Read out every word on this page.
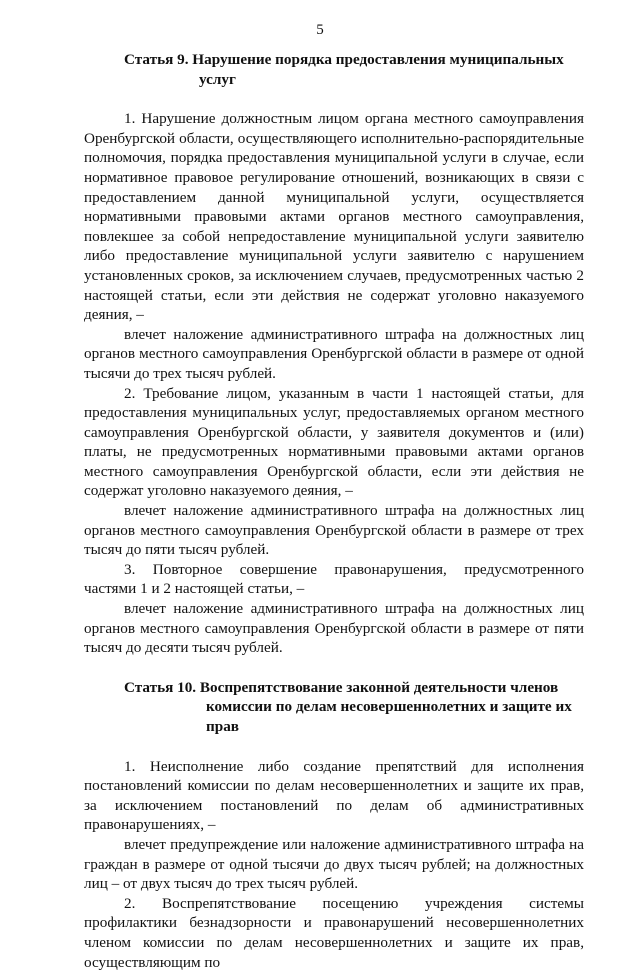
5
Статья 9. Нарушение порядка предоставления муниципальных
услуг

1. Нарушение должностным лицом органа местного самоуправления Оренбургской области, осуществляющего исполнительно-распорядительные полномочия, порядка предоставления муниципальной услуги в случае, если нормативное правовое регулирование отношений, возникающих в связи с предоставлением данной муниципальной услуги, осуществляется нормативными правовыми актами органов местного самоуправления, повлекшее за собой непредоставление муниципальной услуги заявителю либо предоставление муниципальной услуги заявителю с нарушением установленных сроков, за исключением случаев, предусмотренных частью 2 настоящей статьи, если эти действия не содержат уголовно наказуемого деяния, –

влечет наложение административного штрафа на должностных лиц органов местного самоуправления Оренбургской области в размере от одной тысячи до трех тысяч рублей.

2. Требование лицом, указанным в части 1 настоящей статьи, для предоставления муниципальных услуг, предоставляемых органом местного самоуправления Оренбургской области, у заявителя документов и (или) платы, не предусмотренных нормативными правовыми актами органов местного самоуправления Оренбургской области, если эти действия не содержат уголовно наказуемого деяния, –

влечет наложение административного штрафа на должностных лиц органов местного самоуправления Оренбургской области в размере от трех тысяч до пяти тысяч рублей.

3. Повторное совершение правонарушения, предусмотренного частями 1 и 2 настоящей статьи, –

влечет наложение административного штрафа на должностных лиц органов местного самоуправления Оренбургской области в размере от пяти тысяч до десяти тысяч рублей.

Статья 10. Воспрепятствование законной деятельности членов
комиссии по делам несовершеннолетних и защите их
прав

1. Неисполнение либо создание препятствий для исполнения постановлений комиссии по делам несовершеннолетних и защите их прав, за исключением постановлений по делам об административных правонарушениях, –

влечет предупреждение или наложение административного штрафа на граждан в размере от одной тысячи до двух тысяч рублей; на должностных лиц – от двух тысяч до трех тысяч рублей.

2. Воспрепятствование посещению учреждения системы профилактики безнадзорности и правонарушений несовершеннолетних членом комиссии по делам несовершеннолетних и защите их прав, осуществляющим по
